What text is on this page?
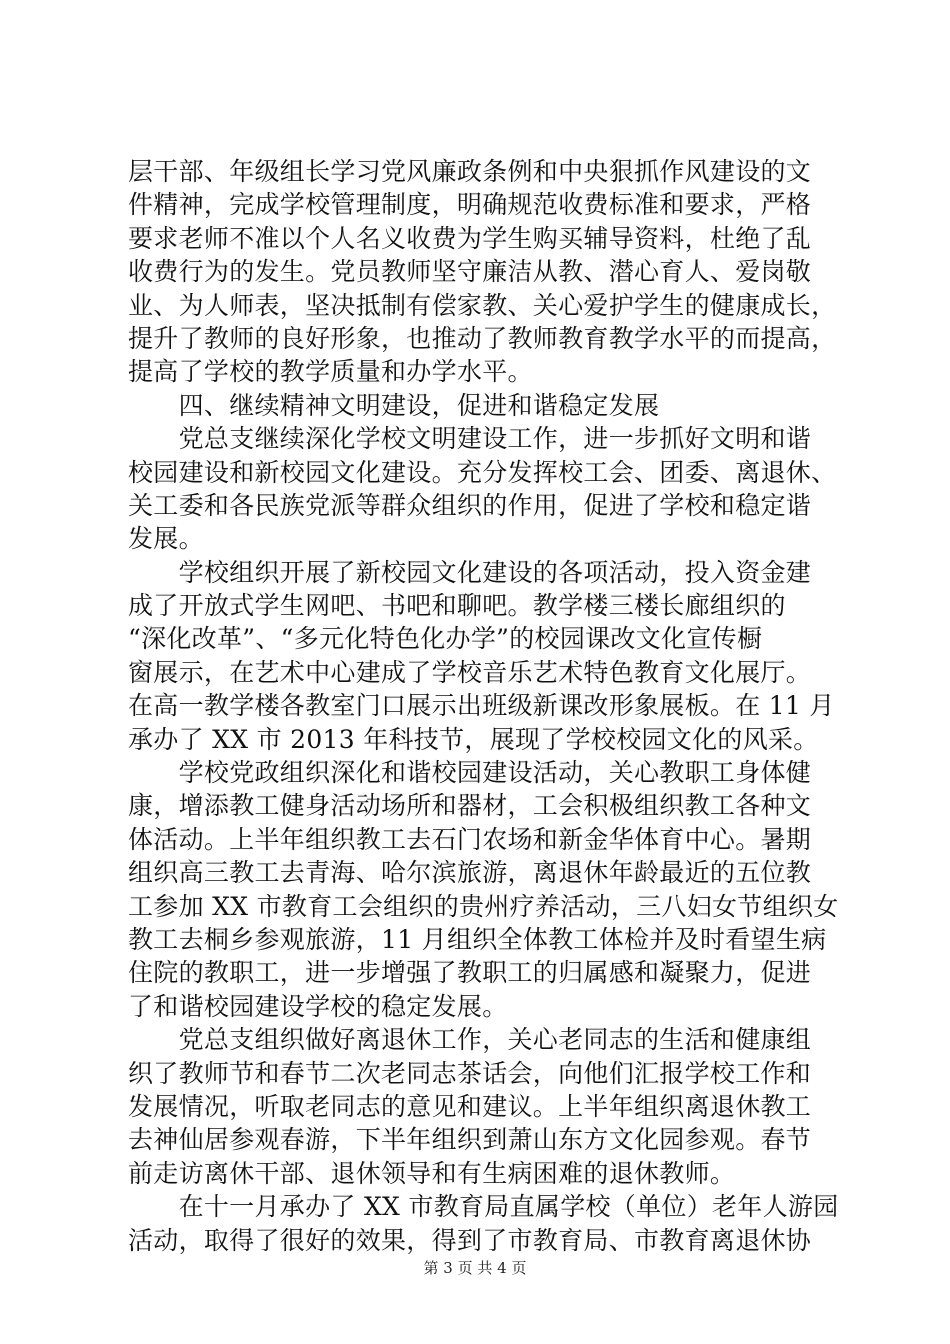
层干部、年级组长学习党风廉政条例和中央狠抓作风建设的文
件精神，完成学校管理制度，明确规范收费标准和要求，严格
要求老师不准以个人名义收费为学生购买辅导资料，杜绝了乱
收费行为的发生。党员教师坚守廉洁从教、潜心育人、爱岗敬
业、为人师表，坚决抵制有偿家教、关心爱护学生的健康成长，
提升了教师的良好形象，也推动了教师教育教学水平的而提高，
提高了学校的教学质量和办学水平。
　　四、继续精神文明建设，促进和谐稳定发展
　　党总支继续深化学校文明建设工作，进一步抓好文明和谐
校园建设和新校园文化建设。充分发挥校工会、团委、离退休、
关工委和各民族党派等群众组织的作用，促进了学校和稳定谐
发展。
　　学校组织开展了新校园文化建设的各项活动，投入资金建
成了开放式学生网吧、书吧和聊吧。教学楼三楼长廊组织的
“深化改革”、“多元化特色化办学”的校园课改文化宣传橱
窗展示，在艺术中心建成了学校音乐艺术特色教育文化展厅。
在高一教学楼各教室门口展示出班级新课改形象展板。在 11 月
承办了 XX 市 2013 年科技节，展现了学校校园文化的风采。
　　学校党政组织深化和谐校园建设活动，关心教职工身体健
康，增添教工健身活动场所和器材，工会积极组织教工各种文
体活动。上半年组织教工去石门农场和新金华体育中心。暑期
组织高三教工去青海、哈尔滨旅游，离退休年龄最近的五位教
工参加 XX 市教育工会组织的贵州疗养活动，三八妇女节组织女
教工去桐乡参观旅游，11 月组织全体教工体检并及时看望生病
住院的教职工，进一步增强了教职工的归属感和凝聚力，促进
了和谐校园建设学校的稳定发展。
　　党总支组织做好离退休工作，关心老同志的生活和健康组
织了教师节和春节二次老同志茶话会，向他们汇报学校工作和
发展情况，听取老同志的意见和建议。上半年组织离退休教工
去神仙居参观春游，下半年组织到萧山东方文化园参观。春节
前走访离休干部、退休领导和有生病困难的退休教师。
　　在十一月承办了 XX 市教育局直属学校（单位）老年人游园
活动，取得了很好的效果，得到了市教育局、市教育离退休协
第 3 页 共 4 页
